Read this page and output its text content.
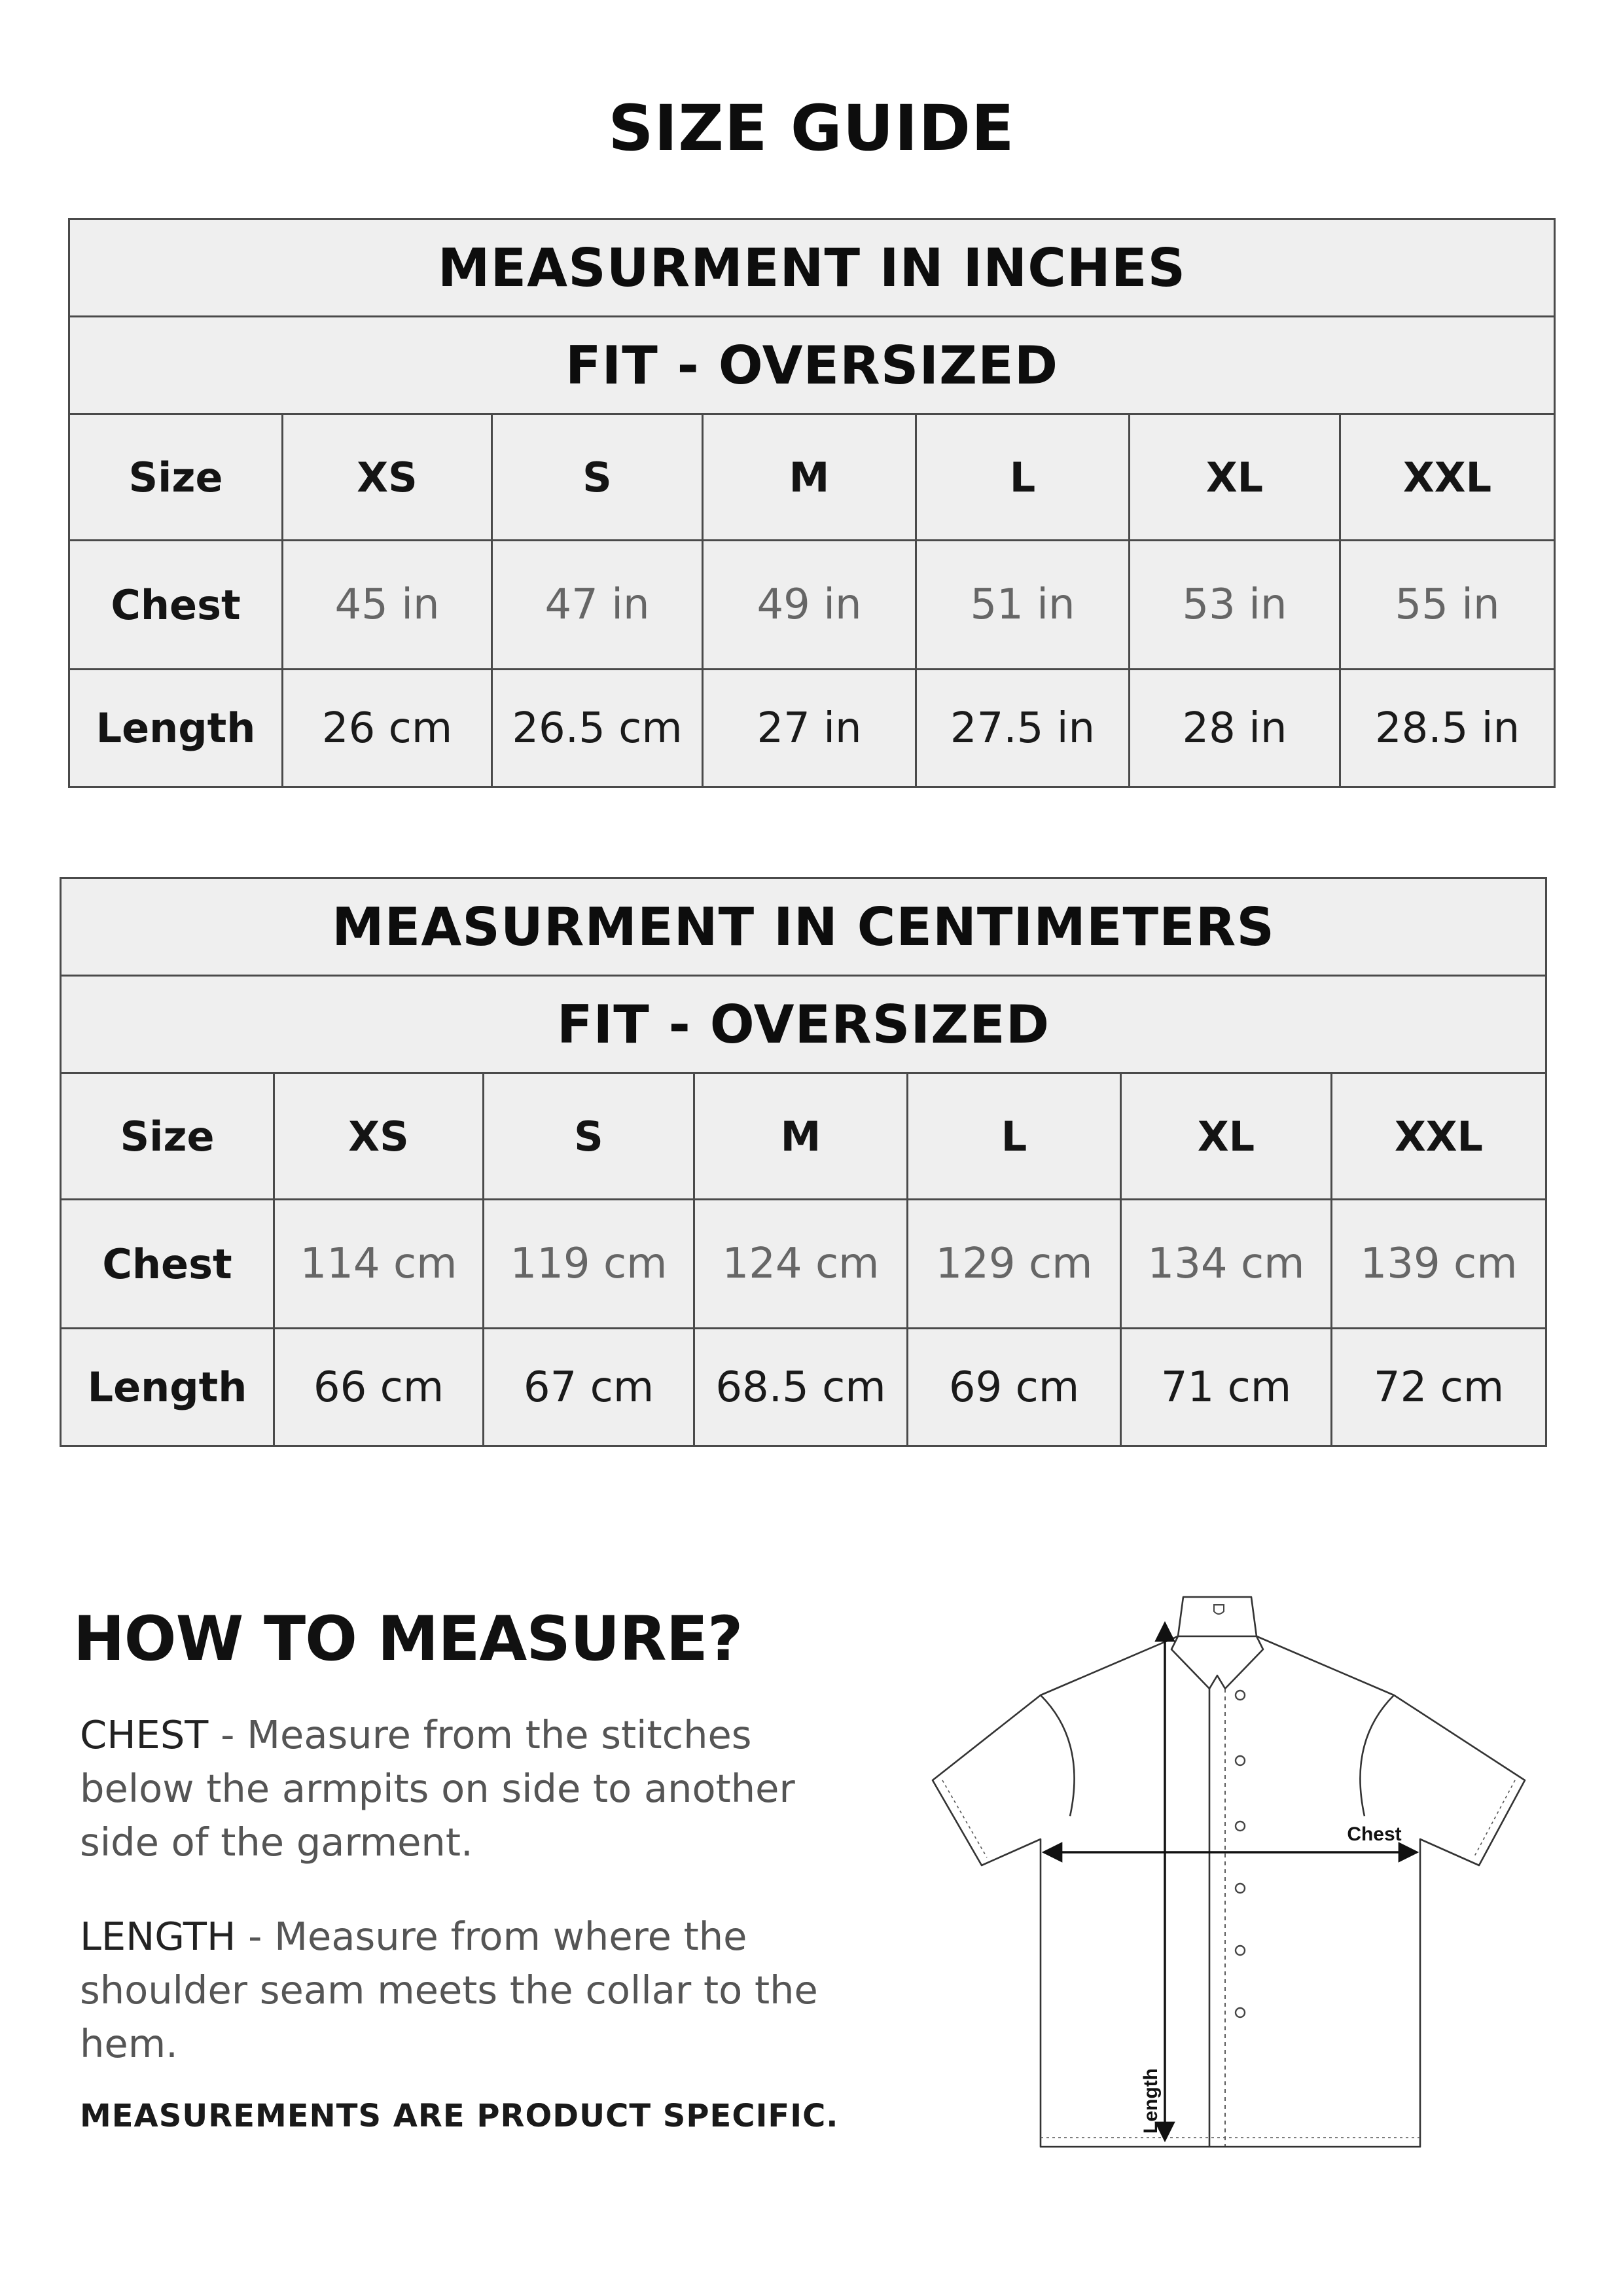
SIZE GUIDE
MEASURMENT IN INCHES						
FIT - OVERSIZED						
Size	XS	S	M	L	XL	XXL
Chest	45 in	47 in	49 in	51 in	53 in	55 in
Length	26 cm	26.5 cm	27 in	27.5 in	28 in	28.5 in
MEASURMENT IN CENTIMETERS						
FIT - OVERSIZED						
Size	XS	S	M	L	XL	XXL
Chest	114 cm	119 cm	124 cm	129 cm	134 cm	139 cm
Length	66 cm	67 cm	68.5 cm	69 cm	71 cm	72 cm
HOW TO MEASURE?
CHEST - Measure from the stitches below the armpits on side to another side of the garment.
LENGTH - Measure from where the shoulder seam meets the collar to the hem.
MEASUREMENTS ARE PRODUCT SPECIFIC.
Chest
Length
